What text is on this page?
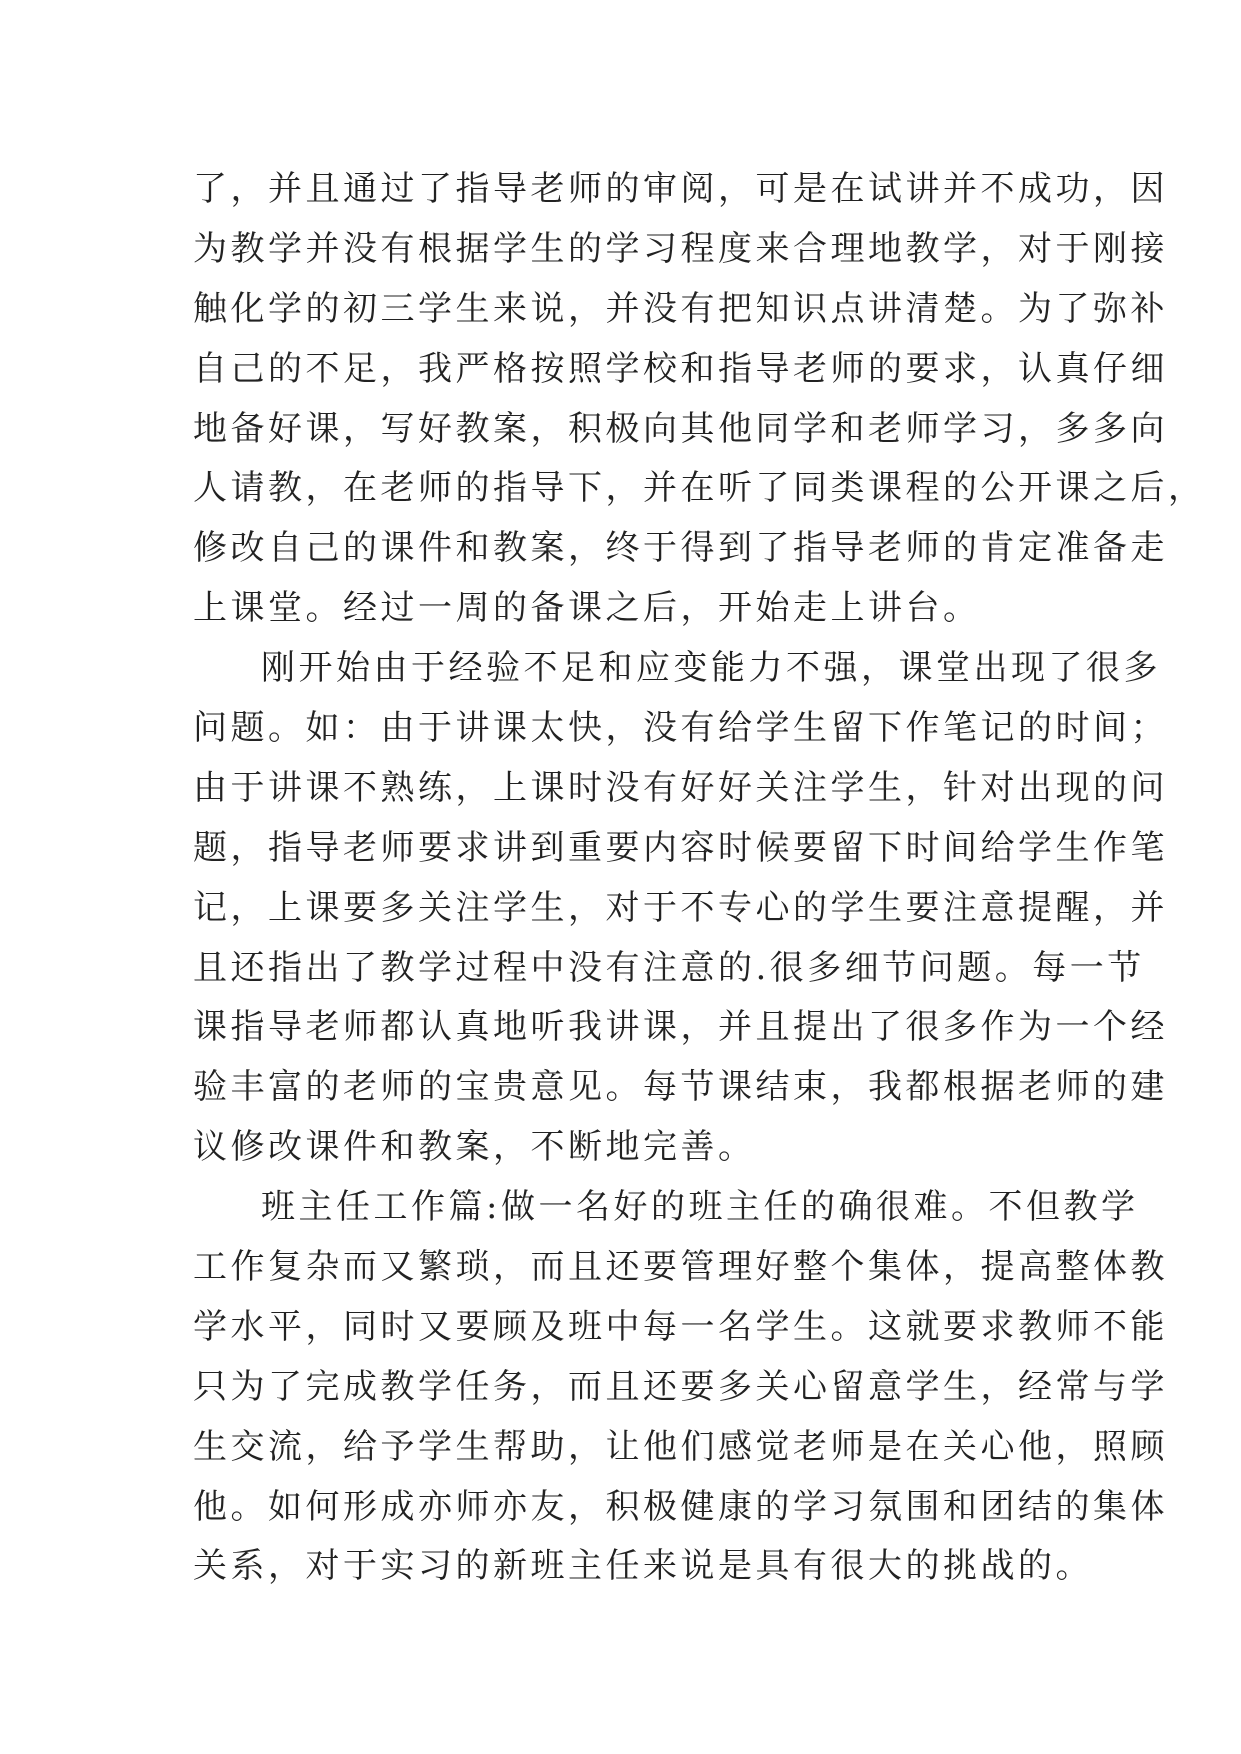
了，并且通过了指导老师的审阅，可是在试讲并不成功，因
为教学并没有根据学生的学习程度来合理地教学，对于刚接
触化学的初三学生来说，并没有把知识点讲清楚。为了弥补
自己的不足，我严格按照学校和指导老师的要求，认真仔细
地备好课，写好教案，积极向其他同学和老师学习，多多向
人请教，在老师的指导下，并在听了同类课程的公开课之后，
修改自己的课件和教案，终于得到了指导老师的肯定准备走
上课堂。经过一周的备课之后，开始走上讲台。
刚开始由于经验不足和应变能力不强，课堂出现了很多
问题。如：由于讲课太快，没有给学生留下作笔记的时间；
由于讲课不熟练，上课时没有好好关注学生，针对出现的问
题，指导老师要求讲到重要内容时候要留下时间给学生作笔
记，上课要多关注学生，对于不专心的学生要注意提醒，并
且还指出了教学过程中没有注意的.很多细节问题。每一节
课指导老师都认真地听我讲课，并且提出了很多作为一个经
验丰富的老师的宝贵意见。每节课结束，我都根据老师的建
议修改课件和教案，不断地完善。
班主任工作篇:做一名好的班主任的确很难。不但教学
工作复杂而又繁琐，而且还要管理好整个集体，提高整体教
学水平，同时又要顾及班中每一名学生。这就要求教师不能
只为了完成教学任务，而且还要多关心留意学生，经常与学
生交流，给予学生帮助，让他们感觉老师是在关心他，照顾
他。如何形成亦师亦友，积极健康的学习氛围和团结的集体
关系，对于实习的新班主任来说是具有很大的挑战的。
